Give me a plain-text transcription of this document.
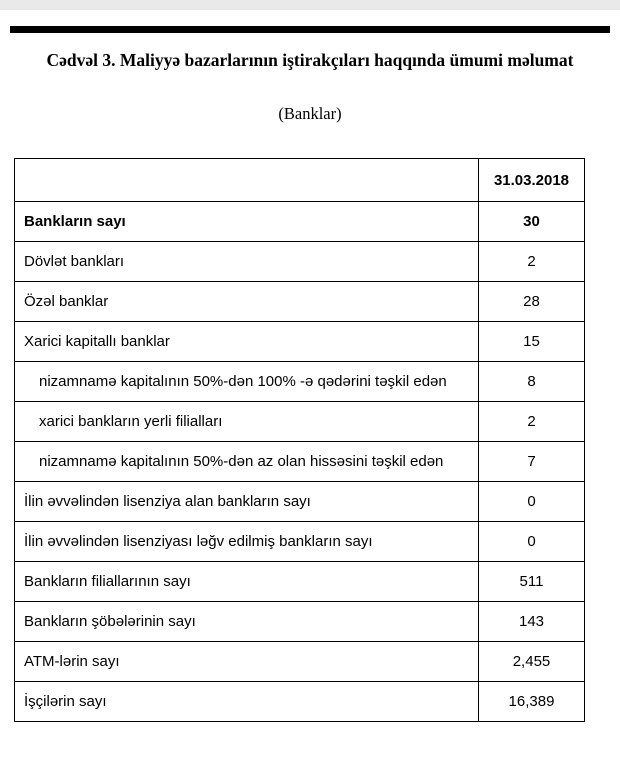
Cədvəl 3. Maliyyə bazarlarının iştirakçıları haqqında ümumi məlumat
(Banklar)
	31.03.2018
Bankların sayı	30
Dövlət bankları	2
Özəl banklar	28
Xarici kapitallı banklar	15
nizamnamə kapitalının 50%-dən 100% -ə qədərini təşkil edən	8
xarici bankların yerli filialları	2
nizamnamə kapitalının 50%-dən az olan hissəsini təşkil edən	7
İlin əvvəlindən lisenziya alan bankların sayı	0
İlin əvvəlindən lisenziyası ləğv edilmiş bankların sayı	0
Bankların filiallarının sayı	511
Bankların şöbələrinin sayı	143
ATM-lərin sayı	2,455
İşçilərin sayı	16,389
